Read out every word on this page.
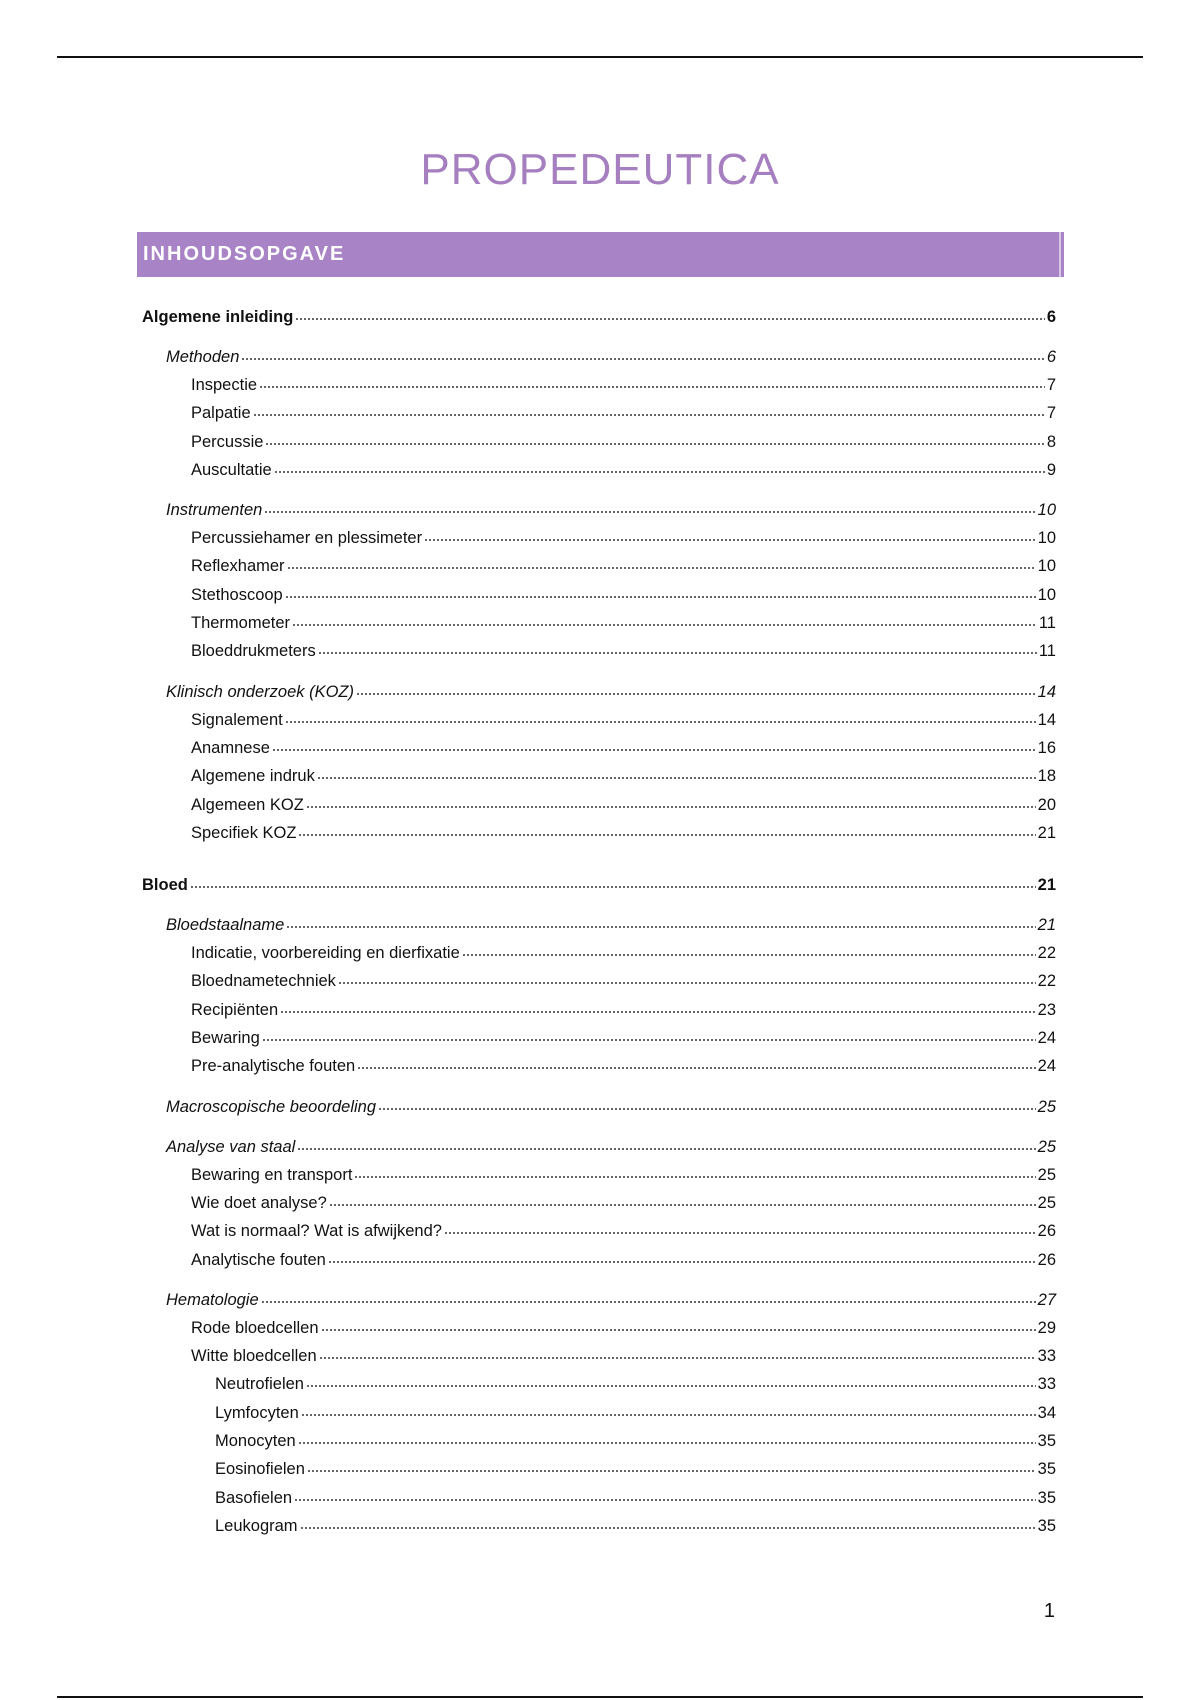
PROPEDEUTICA
INHOUDSOPGAVE
Algemene inleiding	6
Methoden	6
Inspectie	7
Palpatie	7
Percussie	8
Auscultatie	9
Instrumenten	10
Percussiehamer en plessimeter	10
Reflexhamer	10
Stethoscoop	10
Thermometer	11
Bloeddrukmeters	11
Klinisch onderzoek (KOZ)	14
Signalement	14
Anamnese	16
Algemene indruk	18
Algemeen KOZ	20
Specifiek KOZ	21
Bloed	21
Bloedstaalname	21
Indicatie, voorbereiding en dierfixatie	22
Bloednametechniek	22
Recipiënten	23
Bewaring	24
Pre-analytische fouten	24
Macroscopische beoordeling	25
Analyse van staal	25
Bewaring en transport	25
Wie doet analyse?	25
Wat is normaal? Wat is afwijkend?	26
Analytische fouten	26
Hematologie	27
Rode bloedcellen	29
Witte bloedcellen	33
Neutrofielen	33
Lymfocyten	34
Monocyten	35
Eosinofielen	35
Basofielen	35
Leukogram	35
1
